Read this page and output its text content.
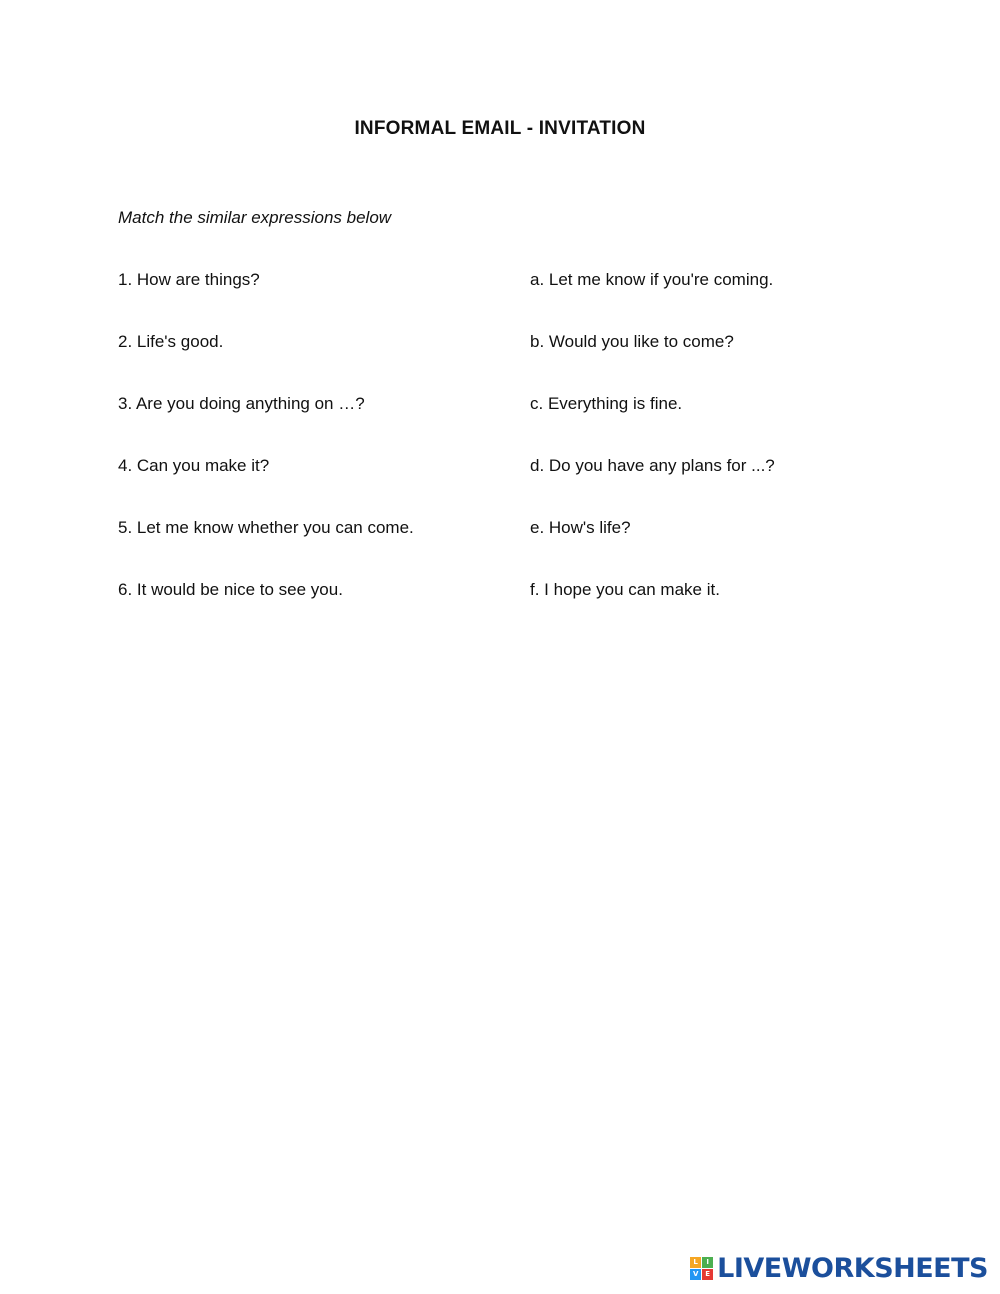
INFORMAL EMAIL - INVITATION
Match the similar expressions below
1. How are things?
2. Life's good.
3. Are you doing anything on …?
4. Can you make it?
5. Let me know whether you can come.
6. It would be nice to see you.
a. Let me know if you're coming.
b. Would you like to come?
c. Everything is fine.
d. Do you have any plans for ...?
e. How's life?
f. I hope you can make it.
L	I
V E LIVEWORKSHEETS
